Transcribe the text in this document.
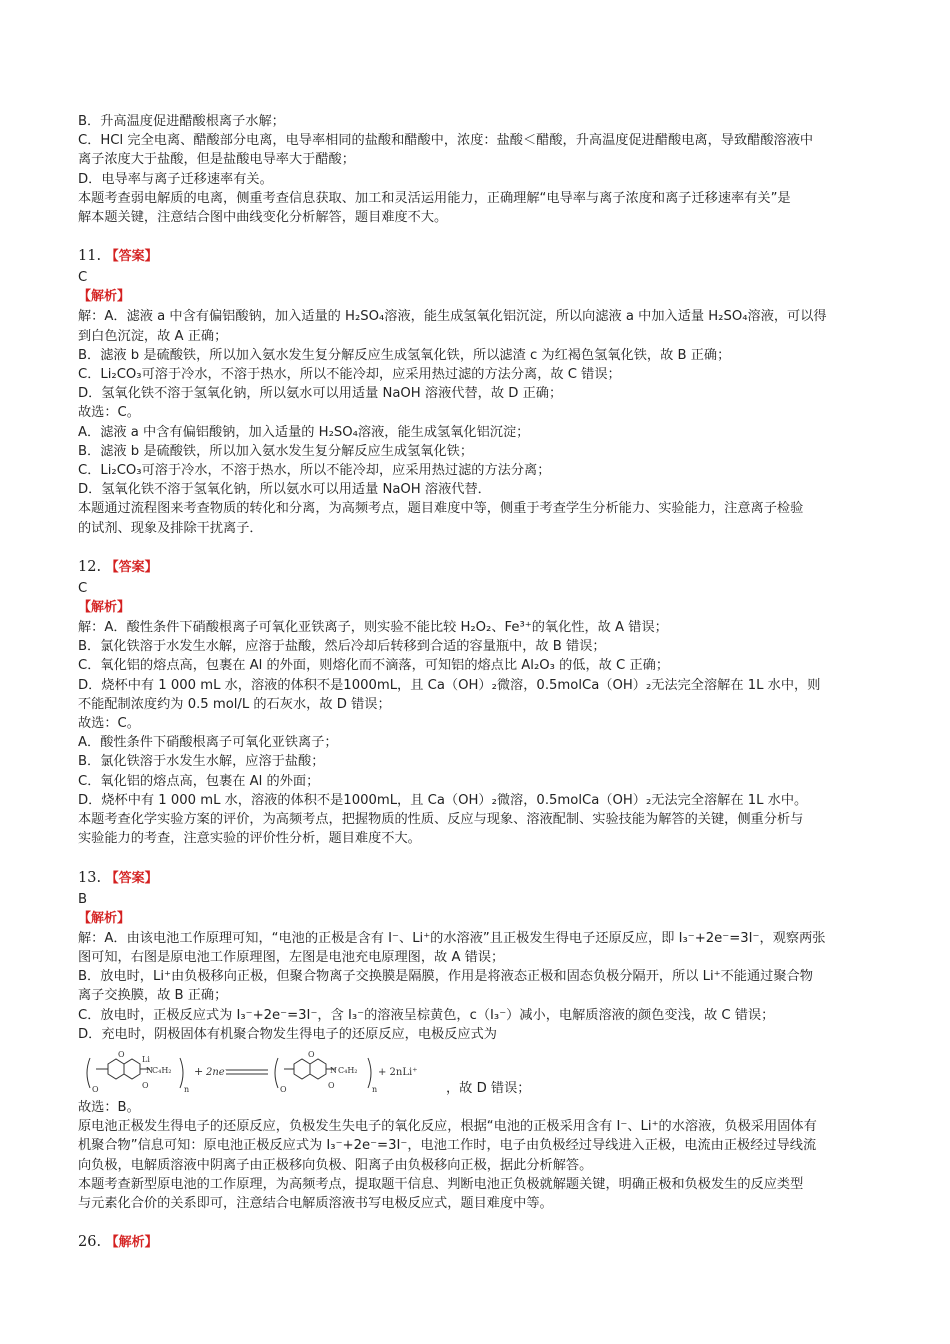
B．升高温度促进醋酸根离子水解；

C．HCl 完全电离、醋酸部分电离，电导率相同的盐酸和醋酸中，浓度：盐酸＜醋酸，升高温度促进醋酸电离，导致醋酸溶液中

离子浓度大于盐酸，但是盐酸电导率大于醋酸；

D．电导率与离子迁移速率有关。

本题考查弱电解质的电离，侧重考查信息获取、加工和灵活运用能力，正确理解“电导率与离子浓度和离子迁移速率有关”是

解本题关键，注意结合图中曲线变化分析解答，题目难度不大。

11. 【答案】

C

【解析】

解：A．滤液 a 中含有偏铝酸钠，加入适量的 H₂SO₄溶液，能生成氢氧化铝沉淀，所以向滤液 a 中加入适量 H₂SO₄溶液，可以得

到白色沉淀，故 A 正确；

B．滤液 b 是硫酸铁，所以加入氨水发生复分解反应生成氢氧化铁，所以滤渣 c 为红褐色氢氧化铁，故 B 正确；

C．Li₂CO₃可溶于冷水，不溶于热水，所以不能冷却，应采用热过滤的方法分离，故 C 错误；

D．氢氧化铁不溶于氢氧化钠，所以氨水可以用适量 NaOH 溶液代替，故 D 正确；

故选：C。

A．滤液 a 中含有偏铝酸钠，加入适量的 H₂SO₄溶液，能生成氢氧化铝沉淀；

B．滤液 b 是硫酸铁，所以加入氨水发生复分解反应生成氢氧化铁；

C．Li₂CO₃可溶于冷水，不溶于热水，所以不能冷却，应采用热过滤的方法分离；

D．氢氧化铁不溶于氢氧化钠，所以氨水可以用适量 NaOH 溶液代替．

本题通过流程图来考查物质的转化和分离，为高频考点，题目难度中等，侧重于考查学生分析能力、实验能力，注意离子检验

的试剂、现象及排除干扰离子．

12. 【答案】

C

【解析】

解：A．酸性条件下硝酸根离子可氧化亚铁离子，则实验不能比较 H₂O₂、Fe³⁺的氧化性，故 A 错误；

B．氯化铁溶于水发生水解，应溶于盐酸，然后冷却后转移到合适的容量瓶中，故 B 错误；

C．氧化铝的熔点高，包裹在 Al 的外面，则熔化而不滴落，可知铝的熔点比 Al₂O₃ 的低，故 C 正确；

D．烧杯中有 1 000 mL 水，溶液的体积不是1000mL，且 Ca（OH）₂微溶，0.5molCa（OH）₂无法完全溶解在 1L 水中，则

不能配制浓度约为 0.5 mol/L 的石灰水，故 D 错误；

故选：C。

A．酸性条件下硝酸根离子可氧化亚铁离子；

B．氯化铁溶于水发生水解，应溶于盐酸；

C．氧化铝的熔点高，包裹在 Al 的外面；

D．烧杯中有 1 000 mL 水，溶液的体积不是1000mL，且 Ca（OH）₂微溶，0.5molCa（OH）₂无法完全溶解在 1L 水中。

本题考查化学实验方案的评价，为高频考点，把握物质的性质、反应与现象、溶液配制、实验技能为解答的关键，侧重分析与

实验能力的考查，注意实验的评价性分析，题目难度不大。

13. 【答案】

B

【解析】

解：A．由该电池工作原理可知，“电池的正极是含有 I⁻、Li⁺的水溶液”且正极发生得电子还原反应，即 I₃⁻+2e⁻=3I⁻，观察两张

图可知，右图是原电池工作原理图，左图是电池充电原理图，故 A 错误；

B．放电时，Li⁺由负极移向正极，但聚合物离子交换膜是隔膜，作用是将液态正极和固态负极分隔开，所以 Li⁺不能通过聚合物

离子交换膜，故 B 正确；

C．放电时，正极反应式为 I₃⁻+2e⁻=3I⁻，含 I₃⁻的溶液呈棕黄色，c（I₃⁻）减小，电解质溶液的颜色变浅，故 C 错误；

D．充电时，阴极固体有机聚合物发生得电子的还原反应，电极反应式为

O
O
Li
N
O	n	O
O
N
O	n
C₄H₂	C₄H₂
+ 2ne⁻	+ 2nLi⁺
，故 D 错误；

故选：B。

原电池正极发生得电子的还原反应，负极发生失电子的氧化反应，根据“电池的正极采用含有 I⁻、Li⁺的水溶液，负极采用固体有

机聚合物”信息可知：原电池正极反应式为 I₃⁻+2e⁻=3I⁻，电池工作时，电子由负极经过导线进入正极，电流由正极经过导线流

向负极，电解质溶液中阴离子由正极移向负极、阳离子由负极移向正极，据此分析解答。

本题考查新型原电池的工作原理，为高频考点，提取题干信息、判断电池正负极就解题关键，明确正极和负极发生的反应类型

与元素化合价的关系即可，注意结合电解质溶液书写电极反应式，题目难度中等。

26. 【解析】
